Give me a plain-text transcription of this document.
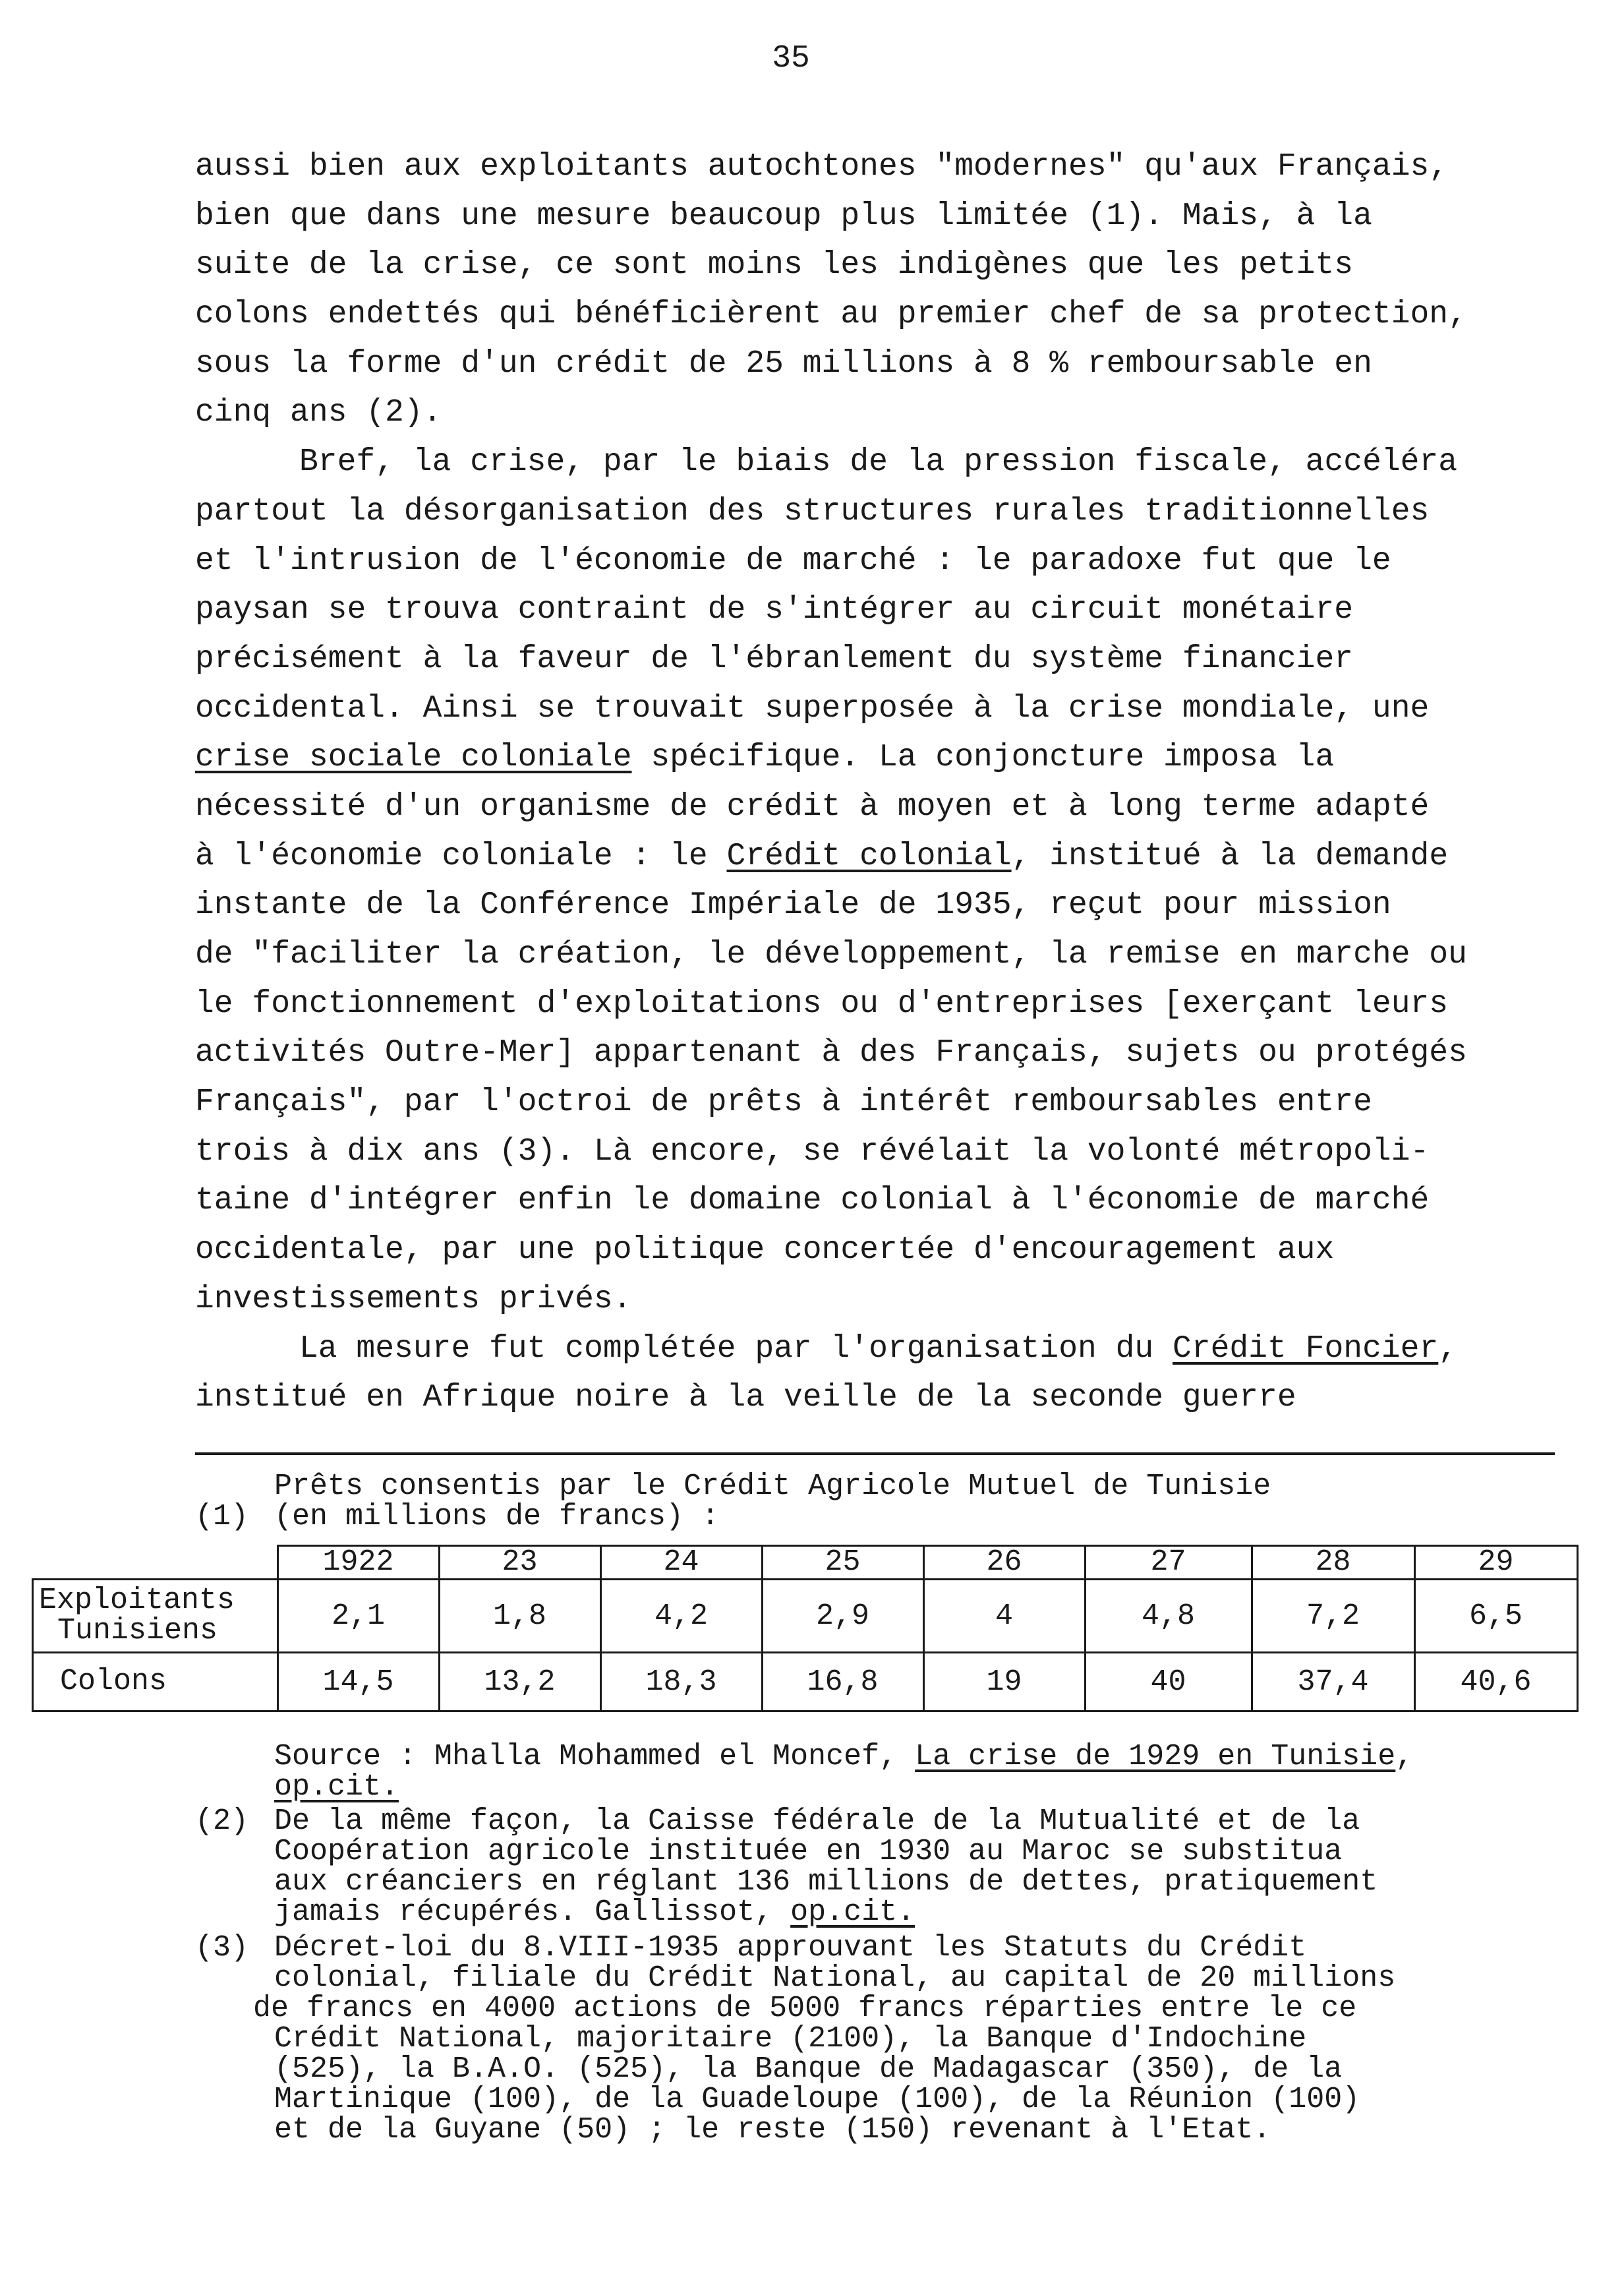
35
aussi bien aux exploitants autochtones "modernes" qu'aux Français,
bien que dans une mesure beaucoup plus limitée (1). Mais, à la
suite de la crise, ce sont moins les indigènes que les petits
colons endettés qui bénéficièrent au premier chef de sa protection,
sous la forme d'un crédit de 25 millions à 8 % remboursable en
cinq ans (2).
Bref, la crise, par le biais de la pression fiscale, accéléra
partout la désorganisation des structures rurales traditionnelles
et l'intrusion de l'économie de marché : le paradoxe fut que le
paysan se trouva contraint de s'intégrer au circuit monétaire
précisément à la faveur de l'ébranlement du système financier
occidental. Ainsi se trouvait superposée à la crise mondiale, une
crise sociale coloniale spécifique. La conjoncture imposa la
nécessité d'un organisme de crédit à moyen et à long terme adapté
à l'économie coloniale : le Crédit colonial, institué à la demande
instante de la Conférence Impériale de 1935, reçut pour mission
de "faciliter la création, le développement, la remise en marche ou
le fonctionnement d'exploitations ou d'entreprises [exerçant leurs
activités Outre-Mer] appartenant à des Français, sujets ou protégés
Français", par l'octroi de prêts à intérêt remboursables entre
trois à dix ans (3). Là encore, se révélait la volonté métropoli-
taine d'intégrer enfin le domaine colonial à l'économie de marché
occidentale, par une politique concertée d'encouragement aux
investissements privés.
La mesure fut complétée par l'organisation du Crédit Foncier,
institué en Afrique noire à la veille de la seconde guerre

(1)

Prêts consentis par le Crédit Agricole Mutuel de Tunisie
(en millions de francs) :
	1922	23	24	25	26	27	28	29

Exploitants
Tunisiens	2,1	1,8	4,2	2,9	4	4,8	7,2	6,5
Colons	14,5	13,2	18,3	16,8	19	40	37,4	40,6
Source : Mhalla Mohammed el Moncef, La crise de 1929 en Tunisie,
op.cit.
(2) De la même façon, la Caisse fédérale de la Mutualité et de la
Coopération agricole instituée en 1930 au Maroc se substitua
aux créanciers en réglant 136 millions de dettes, pratiquement
jamais récupérés. Gallissot, op.cit.
(3) Décret-loi du 8.VIII-1935 approuvant les Statuts du Crédit
colonial, filiale du Crédit National, au capital de 20 millions
de francs en 4000 actions de 5000 francs réparties entre le ce
Crédit National, majoritaire (2100), la Banque d'Indochine
(525), la B.A.O. (525), la Banque de Madagascar (350), de la
Martinique (100), de la Guadeloupe (100), de la Réunion (100)
et de la Guyane (50) ; le reste (150) revenant à l'Etat.
